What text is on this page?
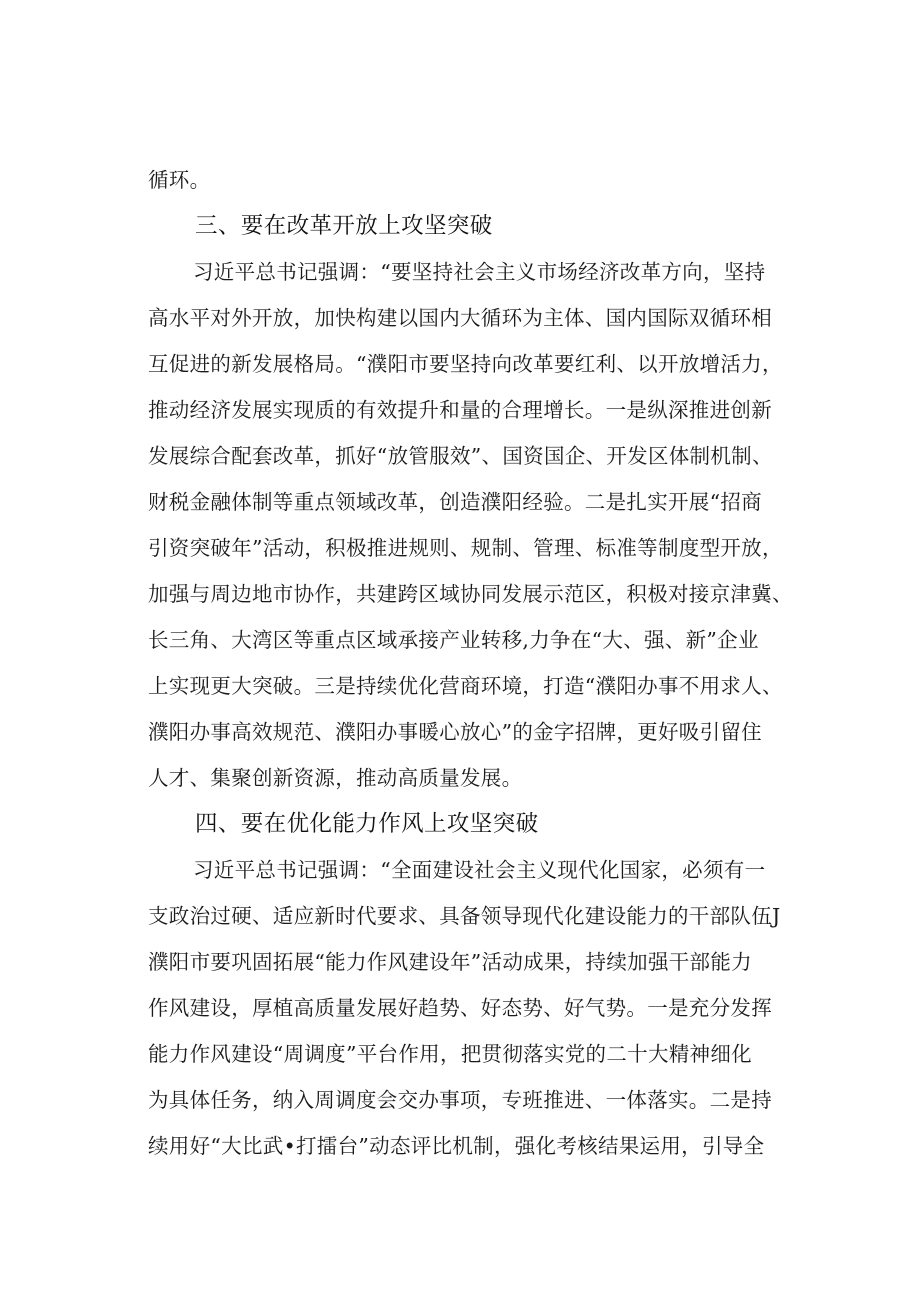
循环。
三、要在改革开放上攻坚突破
习近平总书记强调：“要坚持社会主义市场经济改革方向，坚持
高水平对外开放，加快构建以国内大循环为主体、国内国际双循环相
互促进的新发展格局。“濮阳市要坚持向改革要红利、以开放增活力，
推动经济发展实现质的有效提升和量的合理增长。一是纵深推进创新
发展综合配套改革，抓好“放管服效”、国资国企、开发区体制机制、
财税金融体制等重点领域改革，创造濮阳经验。二是扎实开展“招商
引资突破年”活动，积极推进规则、规制、管理、标准等制度型开放，
加强与周边地市协作，共建跨区域协同发展示范区，积极对接京津冀、
长三角、大湾区等重点区域承接产业转移,力争在“大、强、新”企业
上实现更大突破。三是持续优化营商环境，打造“濮阳办事不用求人、
濮阳办事高效规范、濮阳办事暖心放心”的金字招牌，更好吸引留住
人才、集聚创新资源，推动高质量发展。
四、要在优化能力作风上攻坚突破
习近平总书记强调：“全面建设社会主义现代化国家，必须有一
支政治过硬、适应新时代要求、具备领导现代化建设能力的干部队伍J
濮阳市要巩固拓展“能力作风建设年”活动成果，持续加强干部能力
作风建设，厚植高质量发展好趋势、好态势、好气势。一是充分发挥
能力作风建设“周调度”平台作用，把贯彻落实党的二十大精神细化
为具体任务，纳入周调度会交办事项，专班推进、一体落实。二是持
续用好“大比武•打擂台”动态评比机制，强化考核结果运用，引导全
